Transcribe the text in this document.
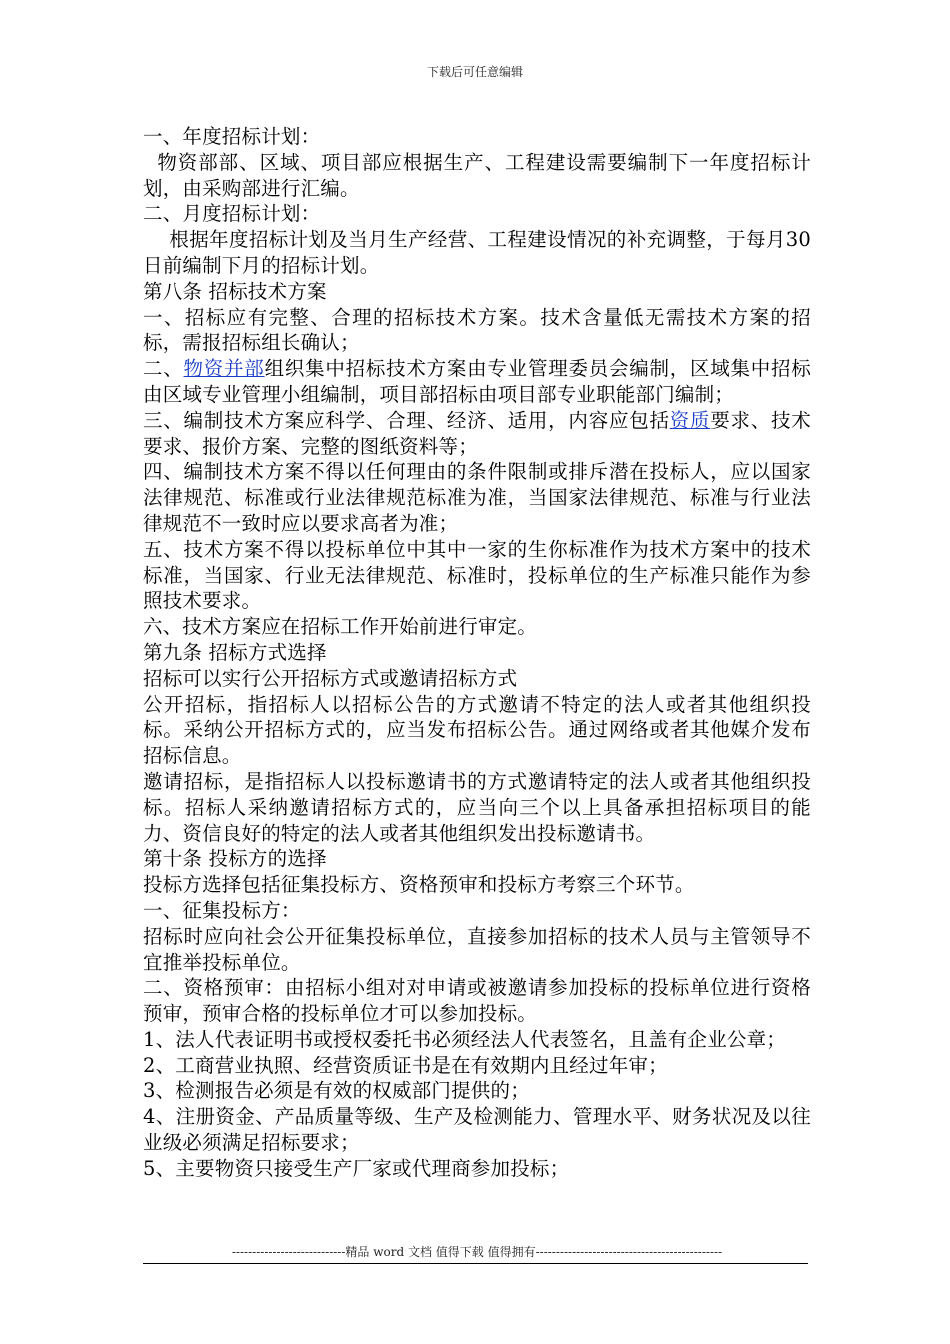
下载后可任意编辑

一、年度招标计划：

物资部部、区域、项目部应根据生产、工程建设需要编制下一年度招标计划，由采购部进行汇编。

二、月度招标计划：

根据年度招标计划及当月生产经营、工程建设情况的补充调整，于每月30日前编制下月的招标计划。

第八条 招标技术方案

一、招标应有完整、合理的招标技术方案。技术含量低无需技术方案的招标，需报招标组长确认；

二、物资并部组织集中招标技术方案由专业管理委员会编制，区域集中招标由区域专业管理小组编制，项目部招标由项目部专业职能部门编制；

三、编制技术方案应科学、合理、经济、适用，内容应包括资质要求、技术要求、报价方案、完整的图纸资料等；

四、编制技术方案不得以任何理由的条件限制或排斥潜在投标人，应以国家法律规范、标准或行业法律规范标准为准，当国家法律规范、标准与行业法律规范不一致时应以要求高者为准；

五、技术方案不得以投标单位中其中一家的生你标准作为技术方案中的技术标准，当国家、行业无法律规范、标准时，投标单位的生产标准只能作为参照技术要求。

六、技术方案应在招标工作开始前进行审定。

第九条 招标方式选择

招标可以实行公开招标方式或邀请招标方式

公开招标，指招标人以招标公告的方式邀请不特定的法人或者其他组织投标。采纳公开招标方式的，应当发布招标公告。通过网络或者其他媒介发布招标信息。

邀请招标，是指招标人以投标邀请书的方式邀请特定的法人或者其他组织投标。招标人采纳邀请招标方式的，应当向三个以上具备承担招标项目的能力、资信良好的特定的法人或者其他组织发出投标邀请书。

第十条 投标方的选择

投标方选择包括征集投标方、资格预审和投标方考察三个环节。

一、征集投标方：

招标时应向社会公开征集投标单位，直接参加招标的技术人员与主管领导不宜推举投标单位。

二、资格预审：由招标小组对对申请或被邀请参加投标的投标单位进行资格预审，预审合格的投标单位才可以参加投标。

1、法人代表证明书或授权委托书必须经法人代表签名，且盖有企业公章；

2、工商营业执照、经营资质证书是在有效期内且经过年审；

3、检测报告必须是有效的权威部门提供的；

4、注册资金、产品质量等级、生产及检测能力、管理水平、财务状况及以往业级必须满足招标要求；

5、主要物资只接受生产厂家或代理商参加投标；

----------------------------精品 word 文档 值得下载 值得拥有----------------------------------------------
